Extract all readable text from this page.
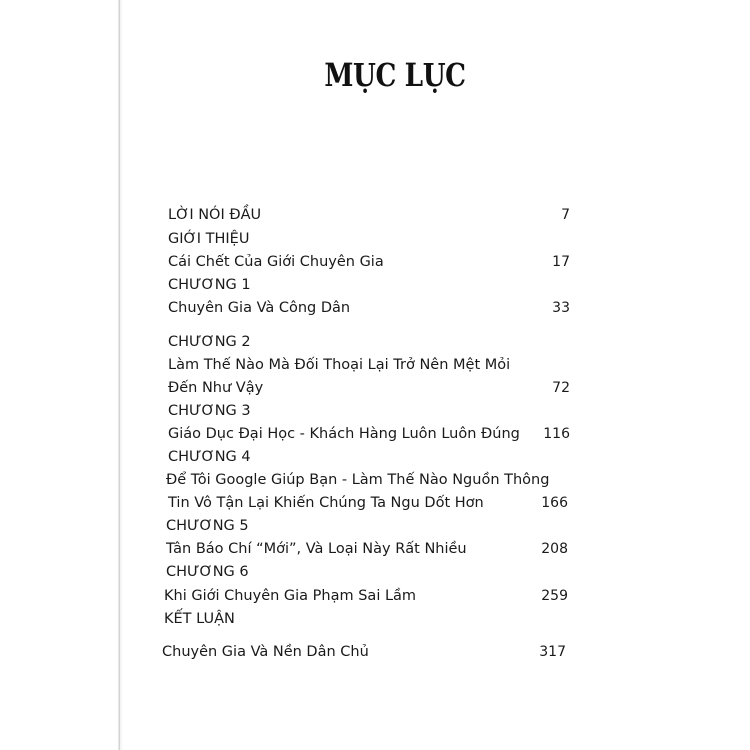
MỤC LỤC
LỜI NÓI ĐẦU	7
GIỚI THIỆU
Cái Chết Của Giới Chuyên Gia	17
CHƯƠNG 1
Chuyên Gia Và Công Dân	33
CHƯƠNG 2
Làm Thế Nào Mà Đối Thoại Lại Trở Nên Mệt Mỏi
Đến Như Vậy	72
CHƯƠNG 3
Giáo Dục Đại Học - Khách Hàng Luôn Luôn Đúng	116
CHƯƠNG 4
Để Tôi Google Giúp Bạn - Làm Thế Nào Nguồn Thông
Tin Vô Tận Lại Khiến Chúng Ta Ngu Dốt Hơn	166
CHƯƠNG 5
Tân Báo Chí “Mới”, Và Loại Này Rất Nhiều	208
CHƯƠNG 6
Khi Giới Chuyên Gia Phạm Sai Lầm	259
KẾT LUẬN
Chuyên Gia Và Nền Dân Chủ	317
